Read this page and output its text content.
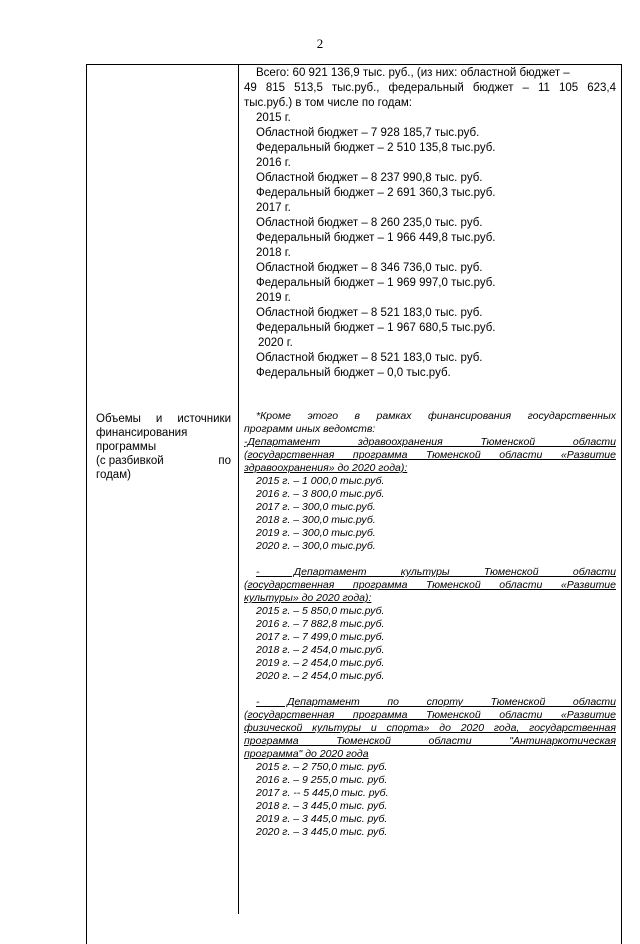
2
Объемы и источники
финансирования
программы
(с разбивкой	по
годам)
Всего: 60 921 136,9 тыс. руб., (из них: областной бюджет –
49 815 513,5 тыс.руб., федеральный бюджет – 11 105 623,4
тыс.руб.) в том числе по годам:
2015 г.
Областной бюджет – 7 928 185,7 тыс.руб.
Федеральный бюджет – 2 510 135,8 тыс.руб.
2016 г.
Областной бюджет – 8 237 990,8 тыс. руб.
Федеральный бюджет – 2 691 360,3 тыс.руб.
2017 г.
Областной бюджет – 8 260 235,0 тыс. руб.
Федеральный бюджет – 1 966 449,8 тыс.руб.
2018 г.
Областной бюджет – 8 346 736,0 тыс. руб.
Федеральный бюджет – 1 969 997,0 тыс.руб.
2019 г.
Областной бюджет – 8 521 183,0 тыс. руб.
Федеральный бюджет – 1 967 680,5 тыс.руб.
2020 г.
Областной бюджет – 8 521 183,0 тыс. руб.
Федеральный бюджет – 0,0 тыс.руб.
*Кроме этого в рамках финансирования государственных
программ иных ведомств:
-Департамент здравоохранения Тюменской области
(государственная программа Тюменской области «Развитие
здравоохранения» до 2020 года):
2015 г. – 1 000,0 тыс.руб.
2016 г. – 3 800,0 тыс.руб.
2017 г. – 300,0 тыс.руб.
2018 г. – 300,0 тыс.руб.
2019 г. – 300,0 тыс.руб.
2020 г. – 300,0 тыс.руб.
- Департамент культуры Тюменской области
(государственная программа Тюменской области «Развитие
культуры» до 2020 года):
2015 г. – 5 850,0 тыс.руб.
2016 г. – 7 882,8 тыс.руб.
2017 г. – 7 499,0 тыс.руб.
2018 г. – 2 454,0 тыс.руб.
2019 г. – 2 454,0 тыс.руб.
2020 г. – 2 454,0 тыс.руб.
- Департамент по спорту Тюменской области
(государственная программа Тюменской области «Развитие
физической культуры и спорта» до 2020 года, государственная
программа Тюменской области "Антинаркотическая
программа" до 2020 года
2015 г. – 2 750,0 тыс. руб.
2016 г. – 9 255,0 тыс. руб.
2017 г. -- 5 445,0 тыс. руб.
2018 г. – 3 445,0 тыс. руб.
2019 г. – 3 445,0 тыс. руб.
2020 г. – 3 445,0 тыс. руб.
